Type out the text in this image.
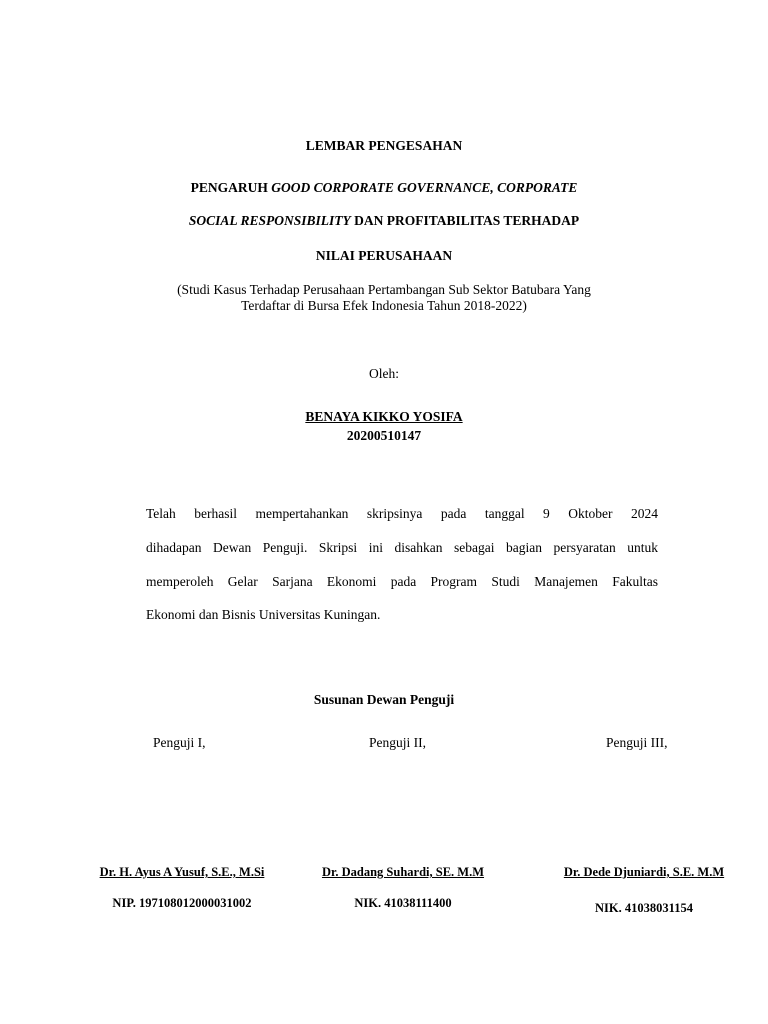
LEMBAR PENGESAHAN
PENGARUH GOOD CORPORATE GOVERNANCE, CORPORATE
SOCIAL RESPONSIBILITY DAN PROFITABILITAS TERHADAP
NILAI PERUSAHAAN
(Studi Kasus Terhadap Perusahaan Pertambangan Sub Sektor Batubara Yang
Terdaftar di Bursa Efek Indonesia Tahun 2018-2022)
Oleh:
BENAYA KIKKO YOSIFA
20200510147
Telah berhasil mempertahankan skripsinya pada tanggal 9 Oktober 2024
dihadapan Dewan Penguji. Skripsi ini disahkan sebagai bagian persyaratan untuk
memperoleh Gelar Sarjana Ekonomi pada Program Studi Manajemen Fakultas
Ekonomi dan Bisnis Universitas Kuningan.
Susunan Dewan Penguji
Penguji I,	Penguji II,	Penguji III,
Dr. H. Ayus A Yusuf, S.E., M.Si	Dr. Dadang Suhardi, SE. M.M	Dr. Dede Djuniardi, S.E. M.M
NIP. 197108012000031002	NIK. 41038111400	NIK. 41038031154
